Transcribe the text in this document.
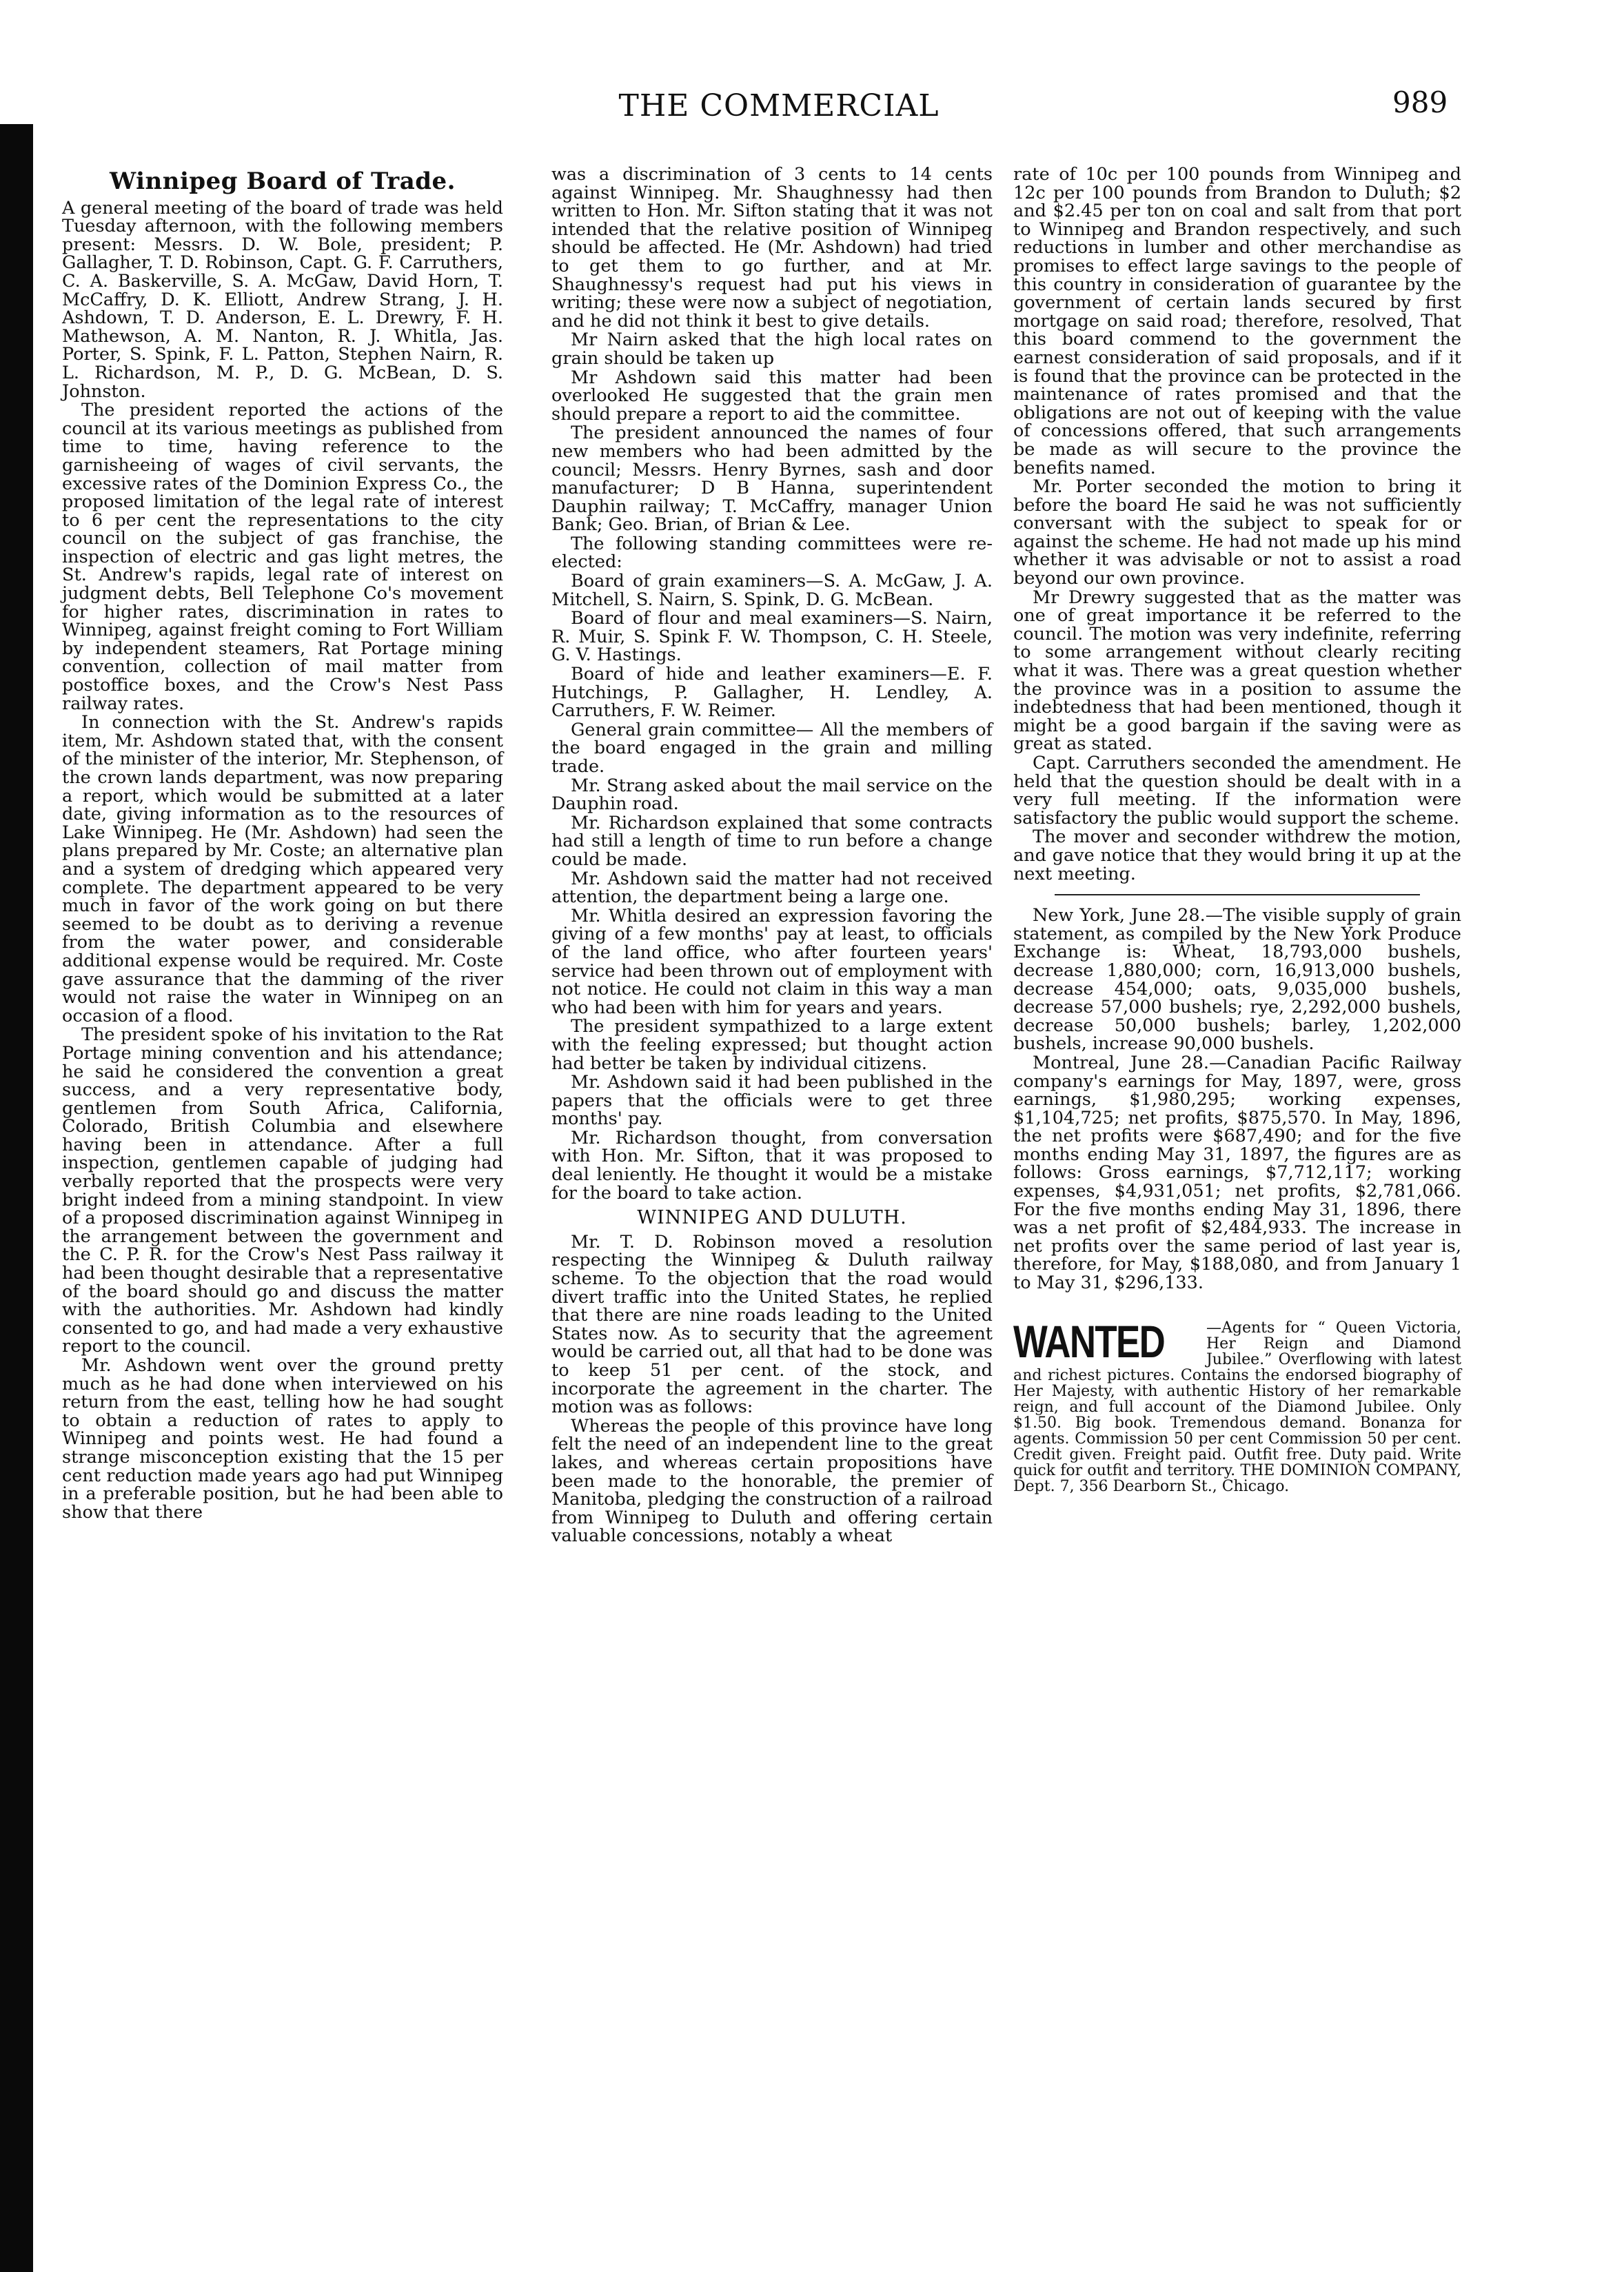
THE COMMERCIAL	989
Winnipeg Board of Trade.

A general meeting of the board of trade was held Tuesday afternoon, with the following members present: Messrs. D. W. Bole, president; P. Gallagher, T. D. Robinson, Capt. G. F. Carruthers, C. A. Baskerville, S. A. McGaw, David Horn, T. McCaffry, D. K. Elliott, Andrew Strang, J. H. Ashdown, T. D. Anderson, E. L. Drewry, F. H. Mathewson, A. M. Nanton, R. J. Whitla, Jas. Porter, S. Spink, F. L. Patton, Stephen Nairn, R. L. Richardson, M. P., D. G. McBean, D. S. Johnston.

The president reported the actions of the council at its various meetings as published from time to time, having reference to the garnisheeing of wages of civil servants, the excessive rates of the Dominion Express Co., the proposed limitation of the legal rate of interest to 6 per cent the representations to the city council on the subject of gas franchise, the inspection of electric and gas light metres, the St. Andrew's rapids, legal rate of interest on judgment debts, Bell Telephone Co's movement for higher rates, discrimination in rates to Winnipeg, against freight coming to Fort William by independent steamers, Rat Portage mining convention, collection of mail matter from postoffice boxes, and the Crow's Nest Pass railway rates.

In connection with the St. Andrew's rapids item, Mr. Ashdown stated that, with the consent of the minister of the interior, Mr. Stephenson, of the crown lands department, was now preparing a report, which would be submitted at a later date, giving information as to the resources of Lake Winnipeg. He (Mr. Ashdown) had seen the plans prepared by Mr. Coste; an alternative plan and a system of dredging which appeared very complete. The department appeared to be very much in favor of the work going on but there seemed to be doubt as to deriving a revenue from the water power, and considerable additional expense would be required. Mr. Coste gave assurance that the damming of the river would not raise the water in Winnipeg on an occasion of a flood.

The president spoke of his invitation to the Rat Portage mining convention and his attendance; he said he considered the convention a great success, and a very representative body, gentlemen from South Africa, California, Colorado, British Columbia and elsewhere having been in attendance. After a full inspection, gentlemen capable of judging had verbally reported that the prospects were very bright indeed from a mining standpoint. In view of a proposed discrimination against Winnipeg in the arrangement between the government and the C. P. R. for the Crow's Nest Pass railway it had been thought desirable that a representative of the board should go and discuss the matter with the authorities. Mr. Ashdown had kindly consented to go, and had made a very exhaustive report to the council.

Mr. Ashdown went over the ground pretty much as he had done when interviewed on his return from the east, telling how he had sought to obtain a reduction of rates to apply to Winnipeg and points west. He had found a strange misconception existing that the 15 per cent reduction made years ago had put Winnipeg in a preferable position, but he had been able to show that there

was a discrimination of 3 cents to 14 cents against Winnipeg. Mr. Shaughnessy had then written to Hon. Mr. Sifton stating that it was not intended that the relative position of Winnipeg should be affected. He (Mr. Ashdown) had tried to get them to go further, and at Mr. Shaughnessy's request had put his views in writing; these were now a subject of negotiation, and he did not think it best to give details.

Mr Nairn asked that the high local rates on grain should be taken up

Mr Ashdown said this matter had been overlooked He suggested that the grain men should prepare a report to aid the committee.

The president announced the names of four new members who had been admitted by the council; Messrs. Henry Byrnes, sash and door manufacturer; D B Hanna, superintendent Dauphin railway; T. McCaffry, manager Union Bank; Geo. Brian, of Brian & Lee.

The following standing committees were re-elected:

Board of grain examiners—S. A. McGaw, J. A. Mitchell, S. Nairn, S. Spink, D. G. McBean.

Board of flour and meal examiners—S. Nairn, R. Muir, S. Spink F. W. Thompson, C. H. Steele, G. V. Hastings.

Board of hide and leather examiners—E. F. Hutchings, P. Gallagher, H. Lendley, A. Carruthers, F. W. Reimer.

General grain committee— All the members of the board engaged in the grain and milling trade.

Mr. Strang asked about the mail service on the Dauphin road.

Mr. Richardson explained that some contracts had still a length of time to run before a change could be made.

Mr. Ashdown said the matter had not received attention, the department being a large one.

Mr. Whitla desired an expression favoring the giving of a few months' pay at least, to officials of the land office, who after fourteen years' service had been thrown out of employment with not notice. He could not claim in this way a man who had been with him for years and years.

The president sympathized to a large extent with the feeling expressed; but thought action had better be taken by individual citizens.

Mr. Ashdown said it had been published in the papers that the officials were to get three months' pay.

Mr. Richardson thought, from conversation with Hon. Mr. Sifton, that it was proposed to deal leniently. He thought it would be a mistake for the board to take action.

WINNIPEG AND DULUTH.

Mr. T. D. Robinson moved a resolution respecting the Winnipeg & Duluth railway scheme. To the objection that the road would divert traffic into the United States, he replied that there are nine roads leading to the United States now. As to security that the agreement would be carried out, all that had to be done was to keep 51 per cent. of the stock, and incorporate the agreement in the charter. The motion was as follows:

Whereas the people of this province have long felt the need of an independent line to the great lakes, and whereas certain propositions have been made to the honorable, the premier of Manitoba, pledging the construction of a railroad from Winnipeg to Duluth and offering certain valuable concessions, notably a wheat

rate of 10c per 100 pounds from Winnipeg and 12c per 100 pounds from Brandon to Duluth; $2 and $2.45 per ton on coal and salt from that port to Winnipeg and Brandon respectively, and such reductions in lumber and other merchandise as promises to effect large savings to the people of this country in consideration of guarantee by the government of certain lands secured by first mortgage on said road; therefore, resolved, That this board commend to the government the earnest consideration of said proposals, and if it is found that the province can be protected in the maintenance of rates promised and that the obligations are not out of keeping with the value of concessions offered, that such arrangements be made as will secure to the province the benefits named.

Mr. Porter seconded the motion to bring it before the board He said he was not sufficiently conversant with the subject to speak for or against the scheme. He had not made up his mind whether it was advisable or not to assist a road beyond our own province.

Mr Drewry suggested that as the matter was one of great importance it be referred to the council. The motion was very indefinite, referring to some arrangement without clearly reciting what it was. There was a great question whether the province was in a position to assume the indebtedness that had been mentioned, though it might be a good bargain if the saving were as great as stated.

Capt. Carruthers seconded the amendment. He held that the question should be dealt with in a very full meeting. If the information were satisfactory the public would support the scheme.

The mover and seconder withdrew the motion, and gave notice that they would bring it up at the next meeting.

New York, June 28.—The visible supply of grain statement, as compiled by the New York Produce Exchange is: Wheat, 18,793,000 bushels, decrease 1,880,000; corn, 16,913,000 bushels, decrease 454,000; oats, 9,035,000 bushels, decrease 57,000 bushels; rye, 2,292,000 bushels, decrease 50,000 bushels; barley, 1,202,000 bushels, increase 90,000 bushels.

Montreal, June 28.—Canadian Pacific Railway company's earnings for May, 1897, were, gross earnings, $1,980,295; working expenses, $1,104,725; net profits, $875,570. In May, 1896, the net profits were $687,490; and for the five months ending May 31, 1897, the figures are as follows: Gross earnings, $7,712,117; working expenses, $4,931,051; net profits, $2,781,066. For the five months ending May 31, 1896, there was a net profit of $2,484,933. The increase in net profits over the same period of last year is, therefore, for May, $188,080, and from January 1 to May 31, $296,133.

WANTED	—Agents for “ Queen Victoria, Her Reign and Diamond Jubilee.” Overflowing with latest and richest pictures. Contains the endorsed biography of Her Majesty, with authentic History of her remarkable reign, and full account of the Diamond Jubilee. Only $1.50. Big book. Tremendous demand. Bonanza for agents. Commission 50 per cent Commission 50 per cent. Credit given. Freight paid. Outfit free. Duty paid. Write quick for outfit and territory. THE DOMINION COMPANY, Dept. 7, 356 Dearborn St., Chicago.
